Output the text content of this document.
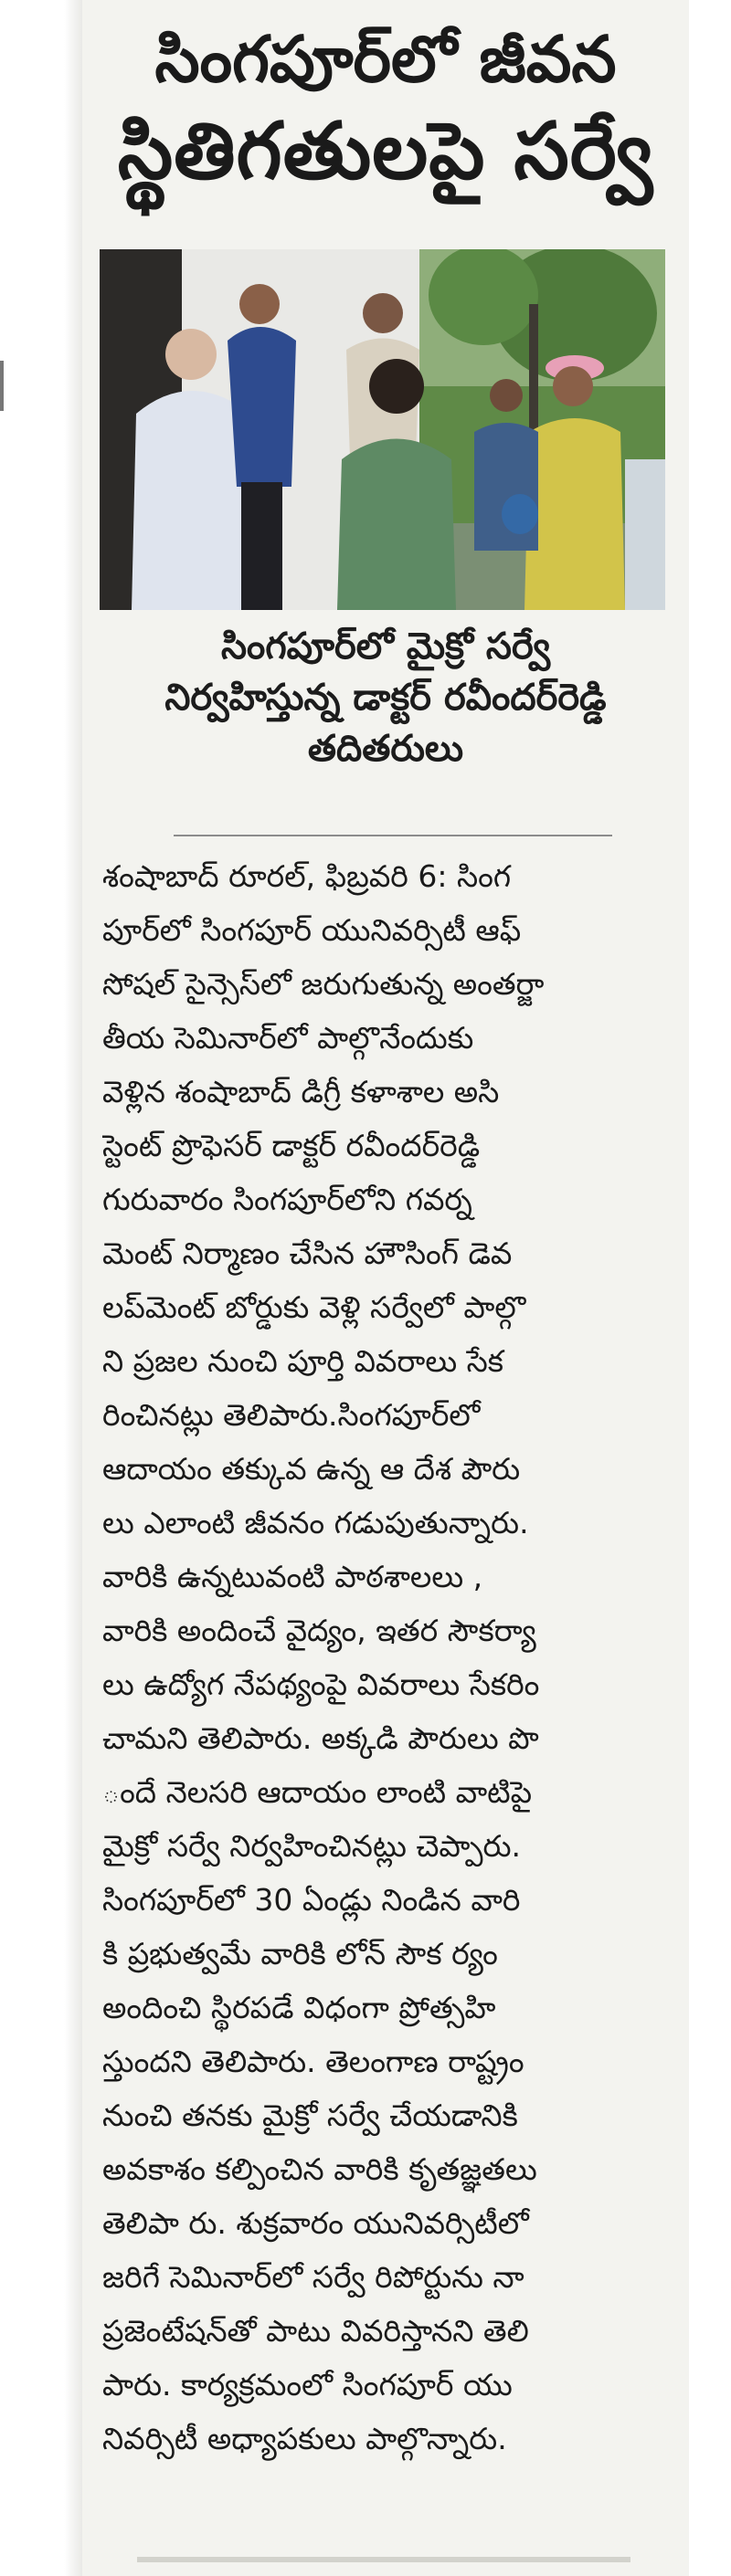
సింగపూర్‌లో జీవన
స్థితిగతులపై సర్వే
సింగపూర్‌లో మైక్రో సర్వే
నిర్వహిస్తున్న డాక్టర్ రవీందర్‌రెడ్డి
తదితరులు
శంషాబాద్ రూరల్, ఫిబ్రవరి 6: సింగ
పూర్‌లో సింగపూర్ యునివర్సిటీ ఆఫ్
సోషల్ సైన్సెస్‌లో జరుగుతున్న అంతర్జా
తీయ సెమినార్‌లో పాల్గొనేందుకు
వెళ్లిన శంషాబాద్ డిగ్రీ కళాశాల అసి
స్టెంట్ ప్రొఫెసర్ డాక్టర్ రవీందర్‌రెడ్డి
గురువారం సింగపూర్‌లోని గవర్న
మెంట్ నిర్మాణం చేసిన హౌసింగ్ డెవ
లప్‌మెంట్ బోర్డుకు వెళ్లి సర్వేలో పాల్గొ
ని ప్రజల నుంచి పూర్తి వివరాలు సేక
రించినట్లు తెలిపారు.సింగపూర్‌లో
ఆదాయం తక్కువ ఉన్న ఆ దేశ పౌరు
లు ఎలాంటి జీవనం గడుపుతున్నారు.
వారికి ఉన్నటువంటి పాఠశాలలు ,
వారికి అందించే వైద్యం, ఇతర సౌకర్యా
లు ఉద్యోగ నేపథ్యంపై వివరాలు సేకరిం
చామని తెలిపారు. అక్కడి పౌరులు పొ
ందే నెలసరి ఆదాయం లాంటి వాటిపై
మైక్రో సర్వే నిర్వహించినట్లు చెప్పారు.
సింగపూర్‌లో 30 ఏండ్లు నిండిన వారి
కి ప్రభుత్వమే వారికి లోన్ సౌక ర్యం
అందించి స్థిరపడే విధంగా ప్రోత్సహి
స్తుందని తెలిపారు. తెలంగాణ రాష్ట్రం
నుంచి తనకు మైక్రో సర్వే చేయడానికి
అవకాశం కల్పించిన వారికి కృతజ్ఞతలు
తెలిపా రు. శుక్రవారం యునివర్సిటీలో
జరిగే సెమినార్‌లో సర్వే రిపోర్టును నా
ప్రజెంటేషన్‌తో పాటు వివరిస్తానని తెలి
పారు. కార్యక్రమంలో సింగపూర్ యు
నివర్సిటీ అధ్యాపకులు పాల్గొన్నారు.
